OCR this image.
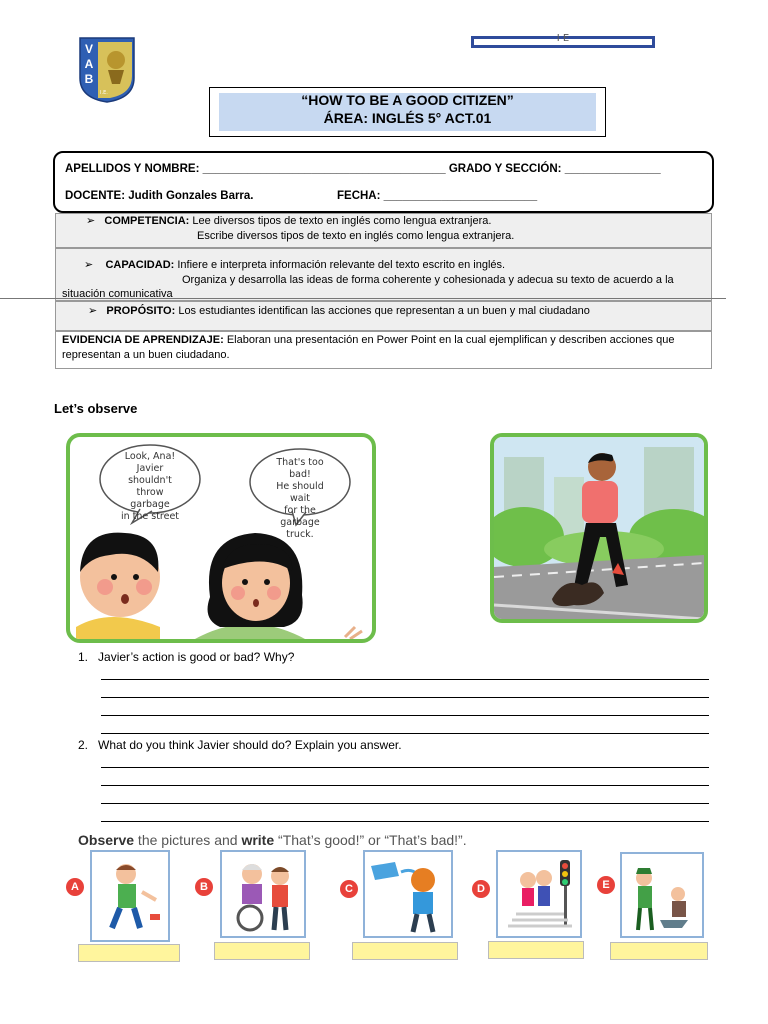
VAB
I.E.
I E
“HOW TO BE A GOOD CITIZEN”
ÁREA: INGLÉS 5° ACT.01
APELLIDOS Y NOMBRE: ______________________________________ GRADO Y SECCIÓN: _______________
DOCENTE: Judith Gonzales Barra.	FECHA: ________________________
➢   COMPETENCIA: Lee diversos tipos de texto en inglés como lengua extranjera.
Escribe diversos tipos de texto en inglés como lengua extranjera.
➢    CAPACIDAD: Infiere e interpreta información relevante del texto escrito en inglés.
Organiza y desarrolla las ideas de forma coherente y cohesionada y adecua su texto de acuerdo a la
situación comunicativa
➢   PROPÓSITO: Los estudiantes identifican las acciones que representan a un buen y mal ciudadano
EVIDENCIA DE APRENDIZAJE: Elaboran una presentación en Power Point en la cual ejemplifican y describen acciones que representan a un buen ciudadano.
Let’s observe
Look, Ana!
Javier shouldn't
throw garbage
in the street
That's too bad!
He should wait
for the garbage
truck.
1. Javier’s action is good or bad? Why?
2. What do you think Javier should do? Explain you answer.
Observe the pictures and write “That’s good!” or “That’s bad!”.
A	B	C	D	E
